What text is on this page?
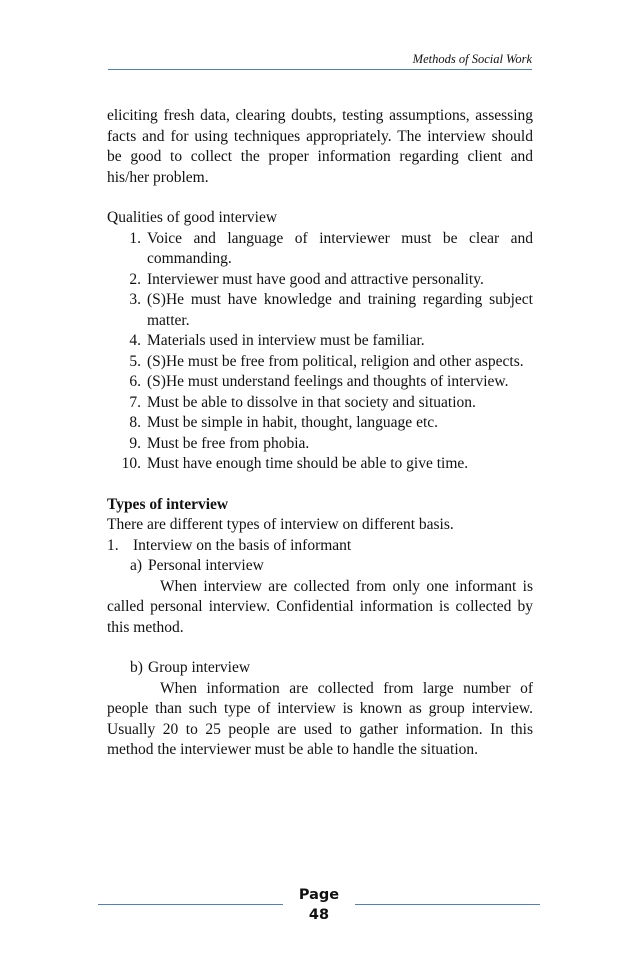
Methods of Social Work

eliciting fresh data, clearing doubts, testing assumptions, assessing facts and for using techniques appropriately. The interview should be good to collect the proper information regarding client and his/her problem.

Qualities of good interview

1. Voice and language of interviewer must be clear and commanding.
2. Interviewer must have good and attractive personality.
3. (S)He must have knowledge and training regarding subject matter.
4. Materials used in interview must be familiar.
5. (S)He must be free from political, religion and other aspects.
6. (S)He must understand feelings and thoughts of interview.
7. Must be able to dissolve in that society and situation.
8. Must be simple in habit, thought, language etc.
9. Must be free from phobia.
10. Must have enough time should be able to give time.

Types of interview

There are different types of interview on different basis.

1. Interview on the basis of informant

a) Personal interview

When interview are collected from only one informant is called personal interview. Confidential information is collected by this method.

b) Group interview

When information are collected from large number of people than such type of interview is known as group interview. Usually 20 to 25 people are used to gather information. In this method the interviewer must be able to handle the situation.

Page
48
